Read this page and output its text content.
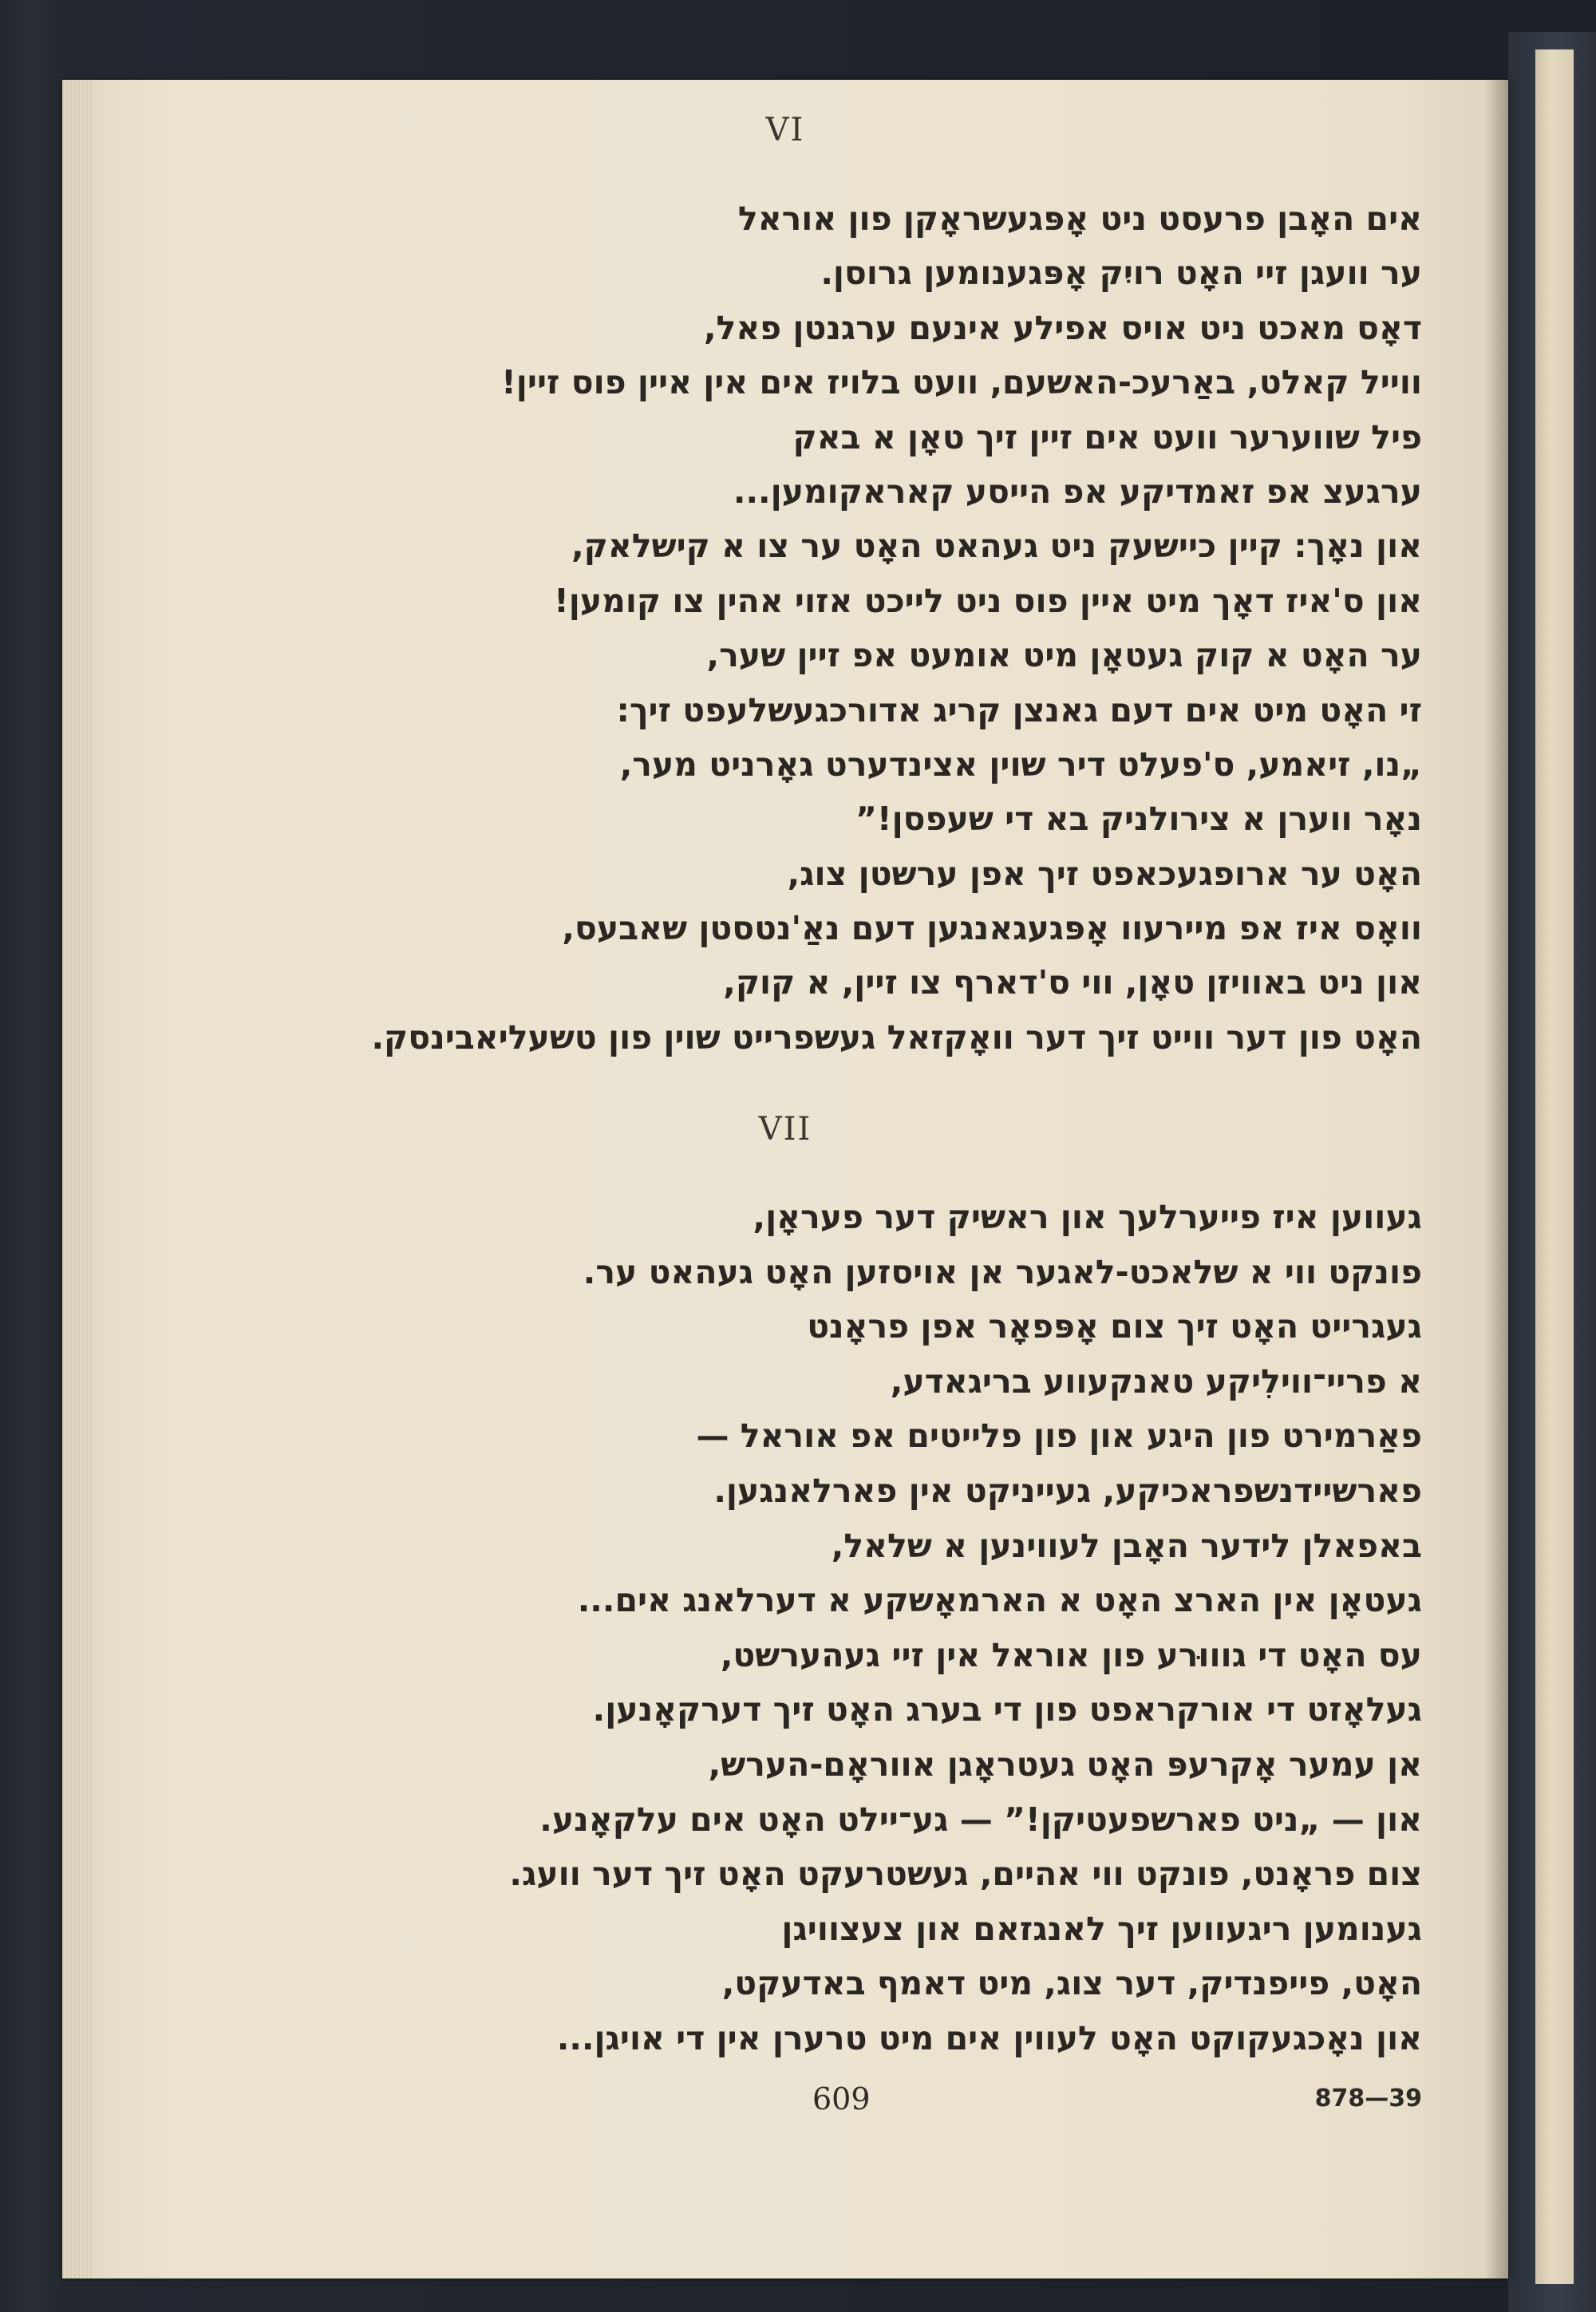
VI
אים האָבן פרעסט ניט אָפּגעשראָקן פון אוראל
ער וועגן זיי האָט רויִק אָפּגענומען גרוסן.
דאָס מאכט ניט אויס אפילע אינעם ערגנטן פאל,
ווייל קאלט, באַרעכ-האשעם, וועט בלויז אים אין איין פוס זיין!
פיל שווערער וועט אים זיין זיך טאָן א באק
ערגעצ אפ זאמדיקע אפ הייסע קאראקומען...
און נאָך: קיין כיישעק ניט געהאט האָט ער צו א קישלאק,
און ס'איז דאָך מיט איין פוס ניט לייכט אזוי אהין צו קומען!
ער האָט א קוק געטאָן מיט אומעט אפ זיין שער,
זי האָט מיט אים דעם גאנצן קריג אדורכגעשלעפט זיך:
„נו, זיאמע, ס'פעלט דיר שוין אצינדערט גאָרניט מער,
נאָר ווערן א צירולניק בא די שעפסן!”
האָט ער ארופגעכאפט זיך אפן ערשטן צוג,
וואָס איז אפ מיירעוו אָפּגעגאנגען דעם נאַ'נטסטן שאבעס,
און ניט באוויזן טאָן, ווי ס'דארף צו זיין, א קוק,
האָט פון דער ווייט זיך דער וואָקזאל געשפרייט שוין פון טשעליאבינסק.
VII
געווען איז פייערלעך און ראשיק דער פעראָן,
פונקט ווי א שלאכט-לאגער אן אויסזען האָט געהאט ער.
געגרייט האָט זיך צום אָפּפאָר אפן פראָנט
א פריי־ווילִיקע טאנקעווע בריגאדע,
פאַרמירט פון היגע און פון פלייטים אפ אוראל —
פארשיידנשפראכיקע, געייניקט אין פארלאנגען.
באפאלן לידער האָבן לעווינען א שלאל,
געטאָן אין הארצ האָט א הארמאָשקע א דערלאנג אים...
עס האָט די גוווּרע פון אוראל אין זיי געהערשט,
געלאָזט די אורקראפט פון די בערג האָט זיך דערקאָנען.
אן עמער אָקרעפּ האָט געטראָגן אווראָם-הערש,
און — „ניט פארשפעטיקן!” — גע־יילט האָט אים עלקאָנע.
צום פראָנט, פונקט ווי אהיים, געשטרעקט האָט זיך דער וועג.
גענומען ריגעווען זיך לאנגזאם און צעצוויגן
האָט, פייפנדיק, דער צוג, מיט דאמף באדעקט,
און נאָכגעקוקט האָט לעווין אים מיט טרערן אין די אויגן...
609	878—39
